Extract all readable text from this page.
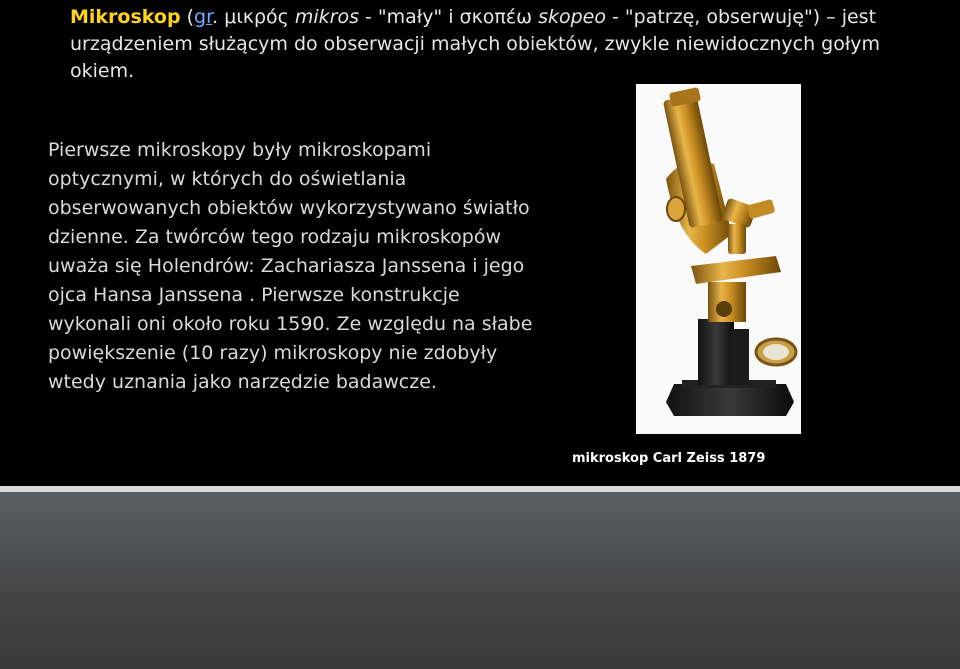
Mikroskop (gr. μικρός mikros - "mały" i σκοπέω skopeo - "patrzę, obserwuję") – jest urządzeniem służącym do obserwacji małych obiektów, zwykle niewidocznych gołym okiem.
Pierwsze mikroskopy były mikroskopami optycznymi, w których do oświetlania obserwowanych obiektów wykorzystywano światło dzienne. Za twórców tego rodzaju mikroskopów uważa się Holendrów: Zachariasza Janssena i jego ojca Hansa Janssena . Pierwsze konstrukcje wykonali oni około roku 1590. Ze względu na słabe powiększenie (10 razy) mikroskopy nie zdobyły wtedy uznania jako narzędzie badawcze.
mikroskop Carl Zeiss 1879
